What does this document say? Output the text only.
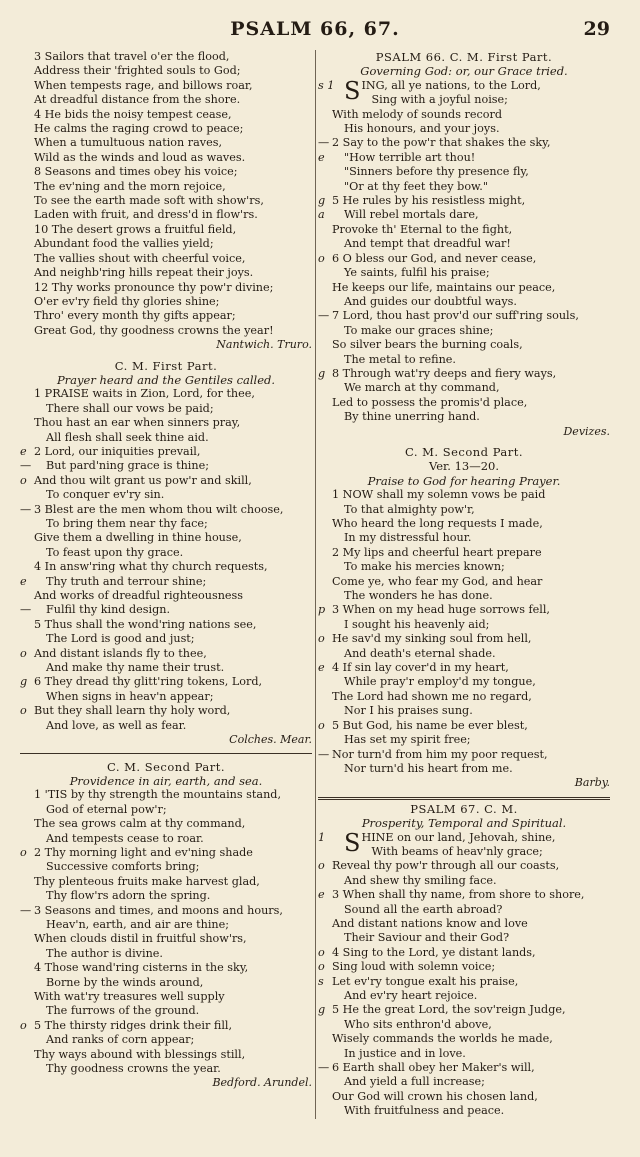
PSALM 66, 67.	29
3 Sailors that travel o'er the flood,
Address their 'frighted souls to God;
When tempests rage, and billows roar,
At dreadful distance from the shore.
4 He bids the noisy tempest cease,
He calms the raging crowd to peace;
When a tumultuous nation raves,
Wild as the winds and loud as waves.
8 Seasons and times obey his voice;
The ev'ning and the morn rejoice,
To see the earth made soft with show'rs,
Laden with fruit, and dress'd in flow'rs.
10 The desert grows a fruitful field,
Abundant food the vallies yield;
The vallies shout with cheerful voice,
And neighb'ring hills repeat their joys.
12 Thy works pronounce thy pow'r divine;
O'er ev'ry field thy glories shine;
Thro' every month thy gifts appear;
Great God, thy goodness crowns the year!
Nantwich. Truro.
C. M. First Part.
Prayer heard and the Gentiles called.
1 PRAISE waits in Zion, Lord, for thee,
There shall our vows be paid;
Thou hast an ear when sinners pray,
All flesh shall seek thine aid.
e 2 Lord, our iniquities prevail,
— But pard'ning grace is thine;
o And thou wilt grant us pow'r and skill,
To conquer ev'ry sin.
— 3 Blest are the men whom thou wilt choose,
To bring them near thy face;
Give them a dwelling in thine house,
To feast upon thy grace.
4 In answ'ring what thy church requests,
e	Thy truth and terrour shine;
And works of dreadful righteousness
— Fulfil thy kind design.
5 Thus shall the wond'ring nations see,
The Lord is good and just;
o And distant islands fly to thee,
And make thy name their trust.
g 6 They dread thy glitt'ring tokens, Lord,
When signs in heav'n appear;
o But they shall learn thy holy word,
And love, as well as fear.
Colches. Mear.
C. M. Second Part.
Providence in air, earth, and sea.
1 'TIS by thy strength the mountains stand,
God of eternal pow'r;
The sea grows calm at thy command,
And tempests cease to roar.
o 2 Thy morning light and ev'ning shade
Successive comforts bring;
Thy plenteous fruits make harvest glad,
Thy flow'rs adorn the spring.
— 3 Seasons and times, and moons and hours,
Heav'n, earth, and air are thine;
When clouds distil in fruitful show'rs,
The author is divine.
4 Those wand'ring cisterns in the sky,
Borne by the winds around,
With wat'ry treasures well supply
The furrows of the ground.
o 5 The thirsty ridges drink their fill,
And ranks of corn appear;
Thy ways abound with blessings still,
Thy goodness crowns the year.
Bedford. Arundel.
PSALM 66. C. M. First Part.
Governing God: or, our Grace tried.
s 1 S ING, all ye nations, to the Lord,
Sing with a joyful noise;
With melody of sounds record
His honours, and your joys.
— 2 Say to the pow'r that shakes the sky,
e	"How terrible art thou!
"Sinners before thy presence fly,
"Or at thy feet they bow."
g 5 He rules by his resistless might,
a	Will rebel mortals dare,
Provoke th' Eternal to the fight,
And tempt that dreadful war!
o 6 O bless our God, and never cease,
Ye saints, fulfil his praise;
He keeps our life, maintains our peace,
And guides our doubtful ways.
— 7 Lord, thou hast prov'd our suff'ring souls,
To make our graces shine;
So silver bears the burning coals,
The metal to refine.
g 8 Through wat'ry deeps and fiery ways,
We march at thy command,
Led to possess the promis'd place,
By thine unerring hand.
Devizes.
C. M. Second Part.
Ver. 13—20.
Praise to God for hearing Prayer.
1 NOW shall my solemn vows be paid
To that almighty pow'r,
Who heard the long requests I made,
In my distressful hour.
2 My lips and cheerful heart prepare
To make his mercies known;
Come ye, who fear my God, and hear
The wonders he has done.
p 3 When on my head huge sorrows fell,
I sought his heavenly aid;
o He sav'd my sinking soul from hell,
And death's eternal shade.
e 4 If sin lay cover'd in my heart,
While pray'r employ'd my tongue,
The Lord had shown me no regard,
Nor I his praises sung.
o 5 But God, his name be ever blest,
Has set my spirit free;
— Nor turn'd from him my poor request,
Nor turn'd his heart from me.
Barby.
PSALM 67. C. M.
Prosperity, Temporal and Spiritual.
1 S HINE on our land, Jehovah, shine,
With beams of heav'nly grace;
o Reveal thy pow'r through all our coasts,
And shew thy smiling face.
e 3 When shall thy name, from shore to shore,
Sound all the earth abroad?
And distant nations know and love
Their Saviour and their God?
o 4 Sing to the Lord, ye distant lands,
o Sing loud with solemn voice;
s Let ev'ry tongue exalt his praise,
And ev'ry heart rejoice.
g 5 He the great Lord, the sov'reign Judge,
Who sits enthron'd above,
Wisely commands the worlds he made,
In justice and in love.
— 6 Earth shall obey her Maker's will,
And yield a full increase;
Our God will crown his chosen land,
With fruitfulness and peace.
